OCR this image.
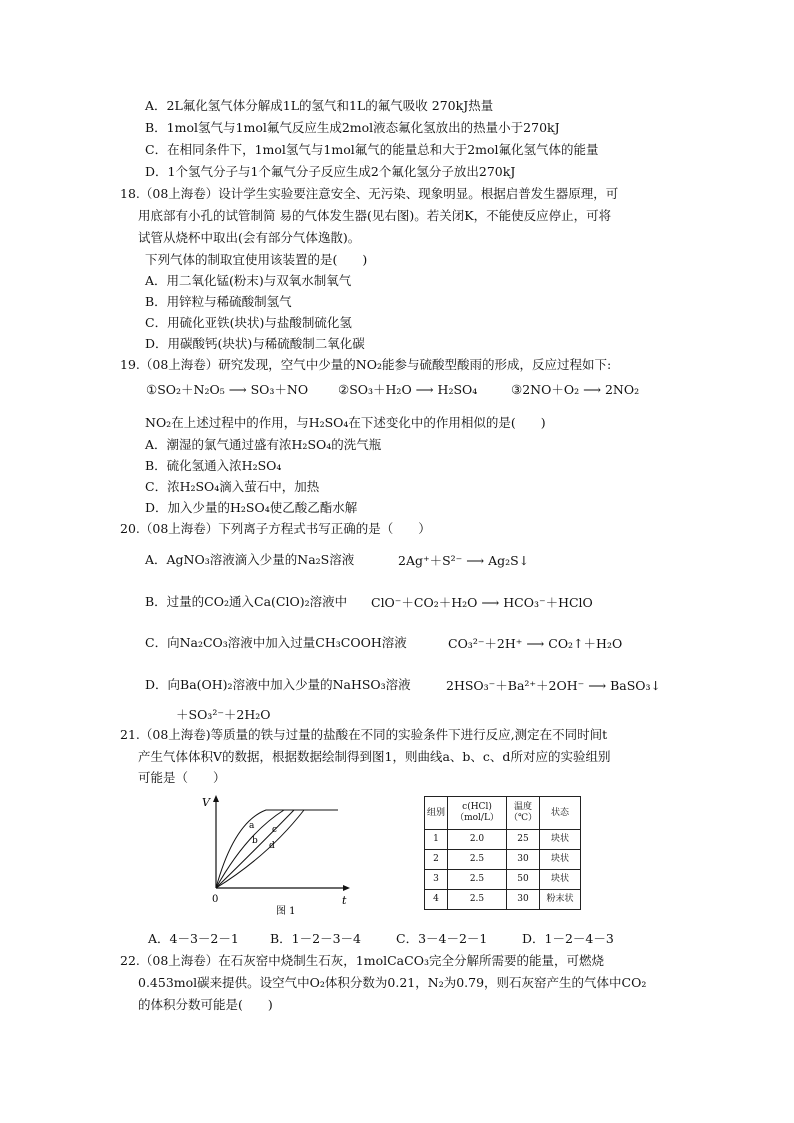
A．2L氟化氢气体分解成1L的氢气和1L的氟气吸收 270kJ热量
B．1mol氢气与1mol氟气反应生成2mol液态氟化氢放出的热量小于270kJ
C．在相同条件下，1mol氢气与1mol氟气的能量总和大于2mol氟化氢气体的能量
D．1个氢气分子与1个氟气分子反应生成2个氟化氢分子放出270kJ
18.（08上海卷）设计学生实验要注意安全、无污染、现象明显。根据启普发生器原理，可
用底部有小孔的试管制简 易的气体发生器(见右图)。若关闭K，不能使反应停止，可将
试管从烧杯中取出(会有部分气体逸散)。
下列气体的制取宜使用该装置的是(　　)
A．用二氧化锰(粉末)与双氧水制氧气
B．用锌粒与稀硫酸制氢气
C．用硫化亚铁(块状)与盐酸制硫化氢
D．用碳酸钙(块状)与稀硫酸制二氧化碳
19.（08上海卷）研究发现，空气中少量的NO₂能参与硫酸型酸雨的形成，反应过程如下:
①SO₂＋N₂O₅ ⟶ SO₃＋NO ②SO₃＋H₂O ⟶ H₂SO₄	③2NO＋O₂ ⟶ 2NO₂
NO₂在上述过程中的作用，与H₂SO₄在下述变化中的作用相似的是(　　)
A．潮湿的氯气通过盛有浓H₂SO₄的洗气瓶
B．硫化氢通入浓H₂SO₄
C．浓H₂SO₄滴入萤石中，加热
D．加入少量的H₂SO₄使乙酸乙酯水解
20.（08上海卷）下列离子方程式书写正确的是（　　）
A．AgNO₃溶液滴入少量的Na₂S溶液	2Ag⁺＋S²⁻ ⟶ Ag₂S↓
B．过量的CO₂通入Ca(ClO)₂溶液中 ClO⁻＋CO₂＋H₂O ⟶ HCO₃⁻＋HClO
C．向Na₂CO₃溶液中加入过量CH₃COOH溶液	CO₃²⁻＋2H⁺ ⟶ CO₂↑＋H₂O
D．向Ba(OH)₂溶液中加入少量的NaHSO₃溶液	2HSO₃⁻＋Ba²⁺＋2OH⁻ ⟶ BaSO₃↓
＋SO₃²⁻＋2H₂O
21.（08上海卷)等质量的铁与过量的盐酸在不同的实验条件下进行反应,测定在不同时间t
产生气体体积V的数据，根据数据绘制得到图1，则曲线a、b、c、d所对应的实验组别
可能是（　　）
V
t
0
a
b
c
d
图 1
组别	c(HCl)（mol/L）	温度（℃）	状态
1	2.0	25	块状
2	2.5	30	块状
3	2.5	50	块状
4	2.5	30	粉末状
A．4－3－2－1 B．1－2－3－4	C．3－4－2－1	D．1－2－4－3
22.（08上海卷）在石灰窑中烧制生石灰，1molCaCO₃完全分解所需要的能量，可燃烧
0.453mol碳来提供。设空气中O₂体积分数为0.21，N₂为0.79，则石灰窑产生的气体中CO₂
的体积分数可能是(　　)
